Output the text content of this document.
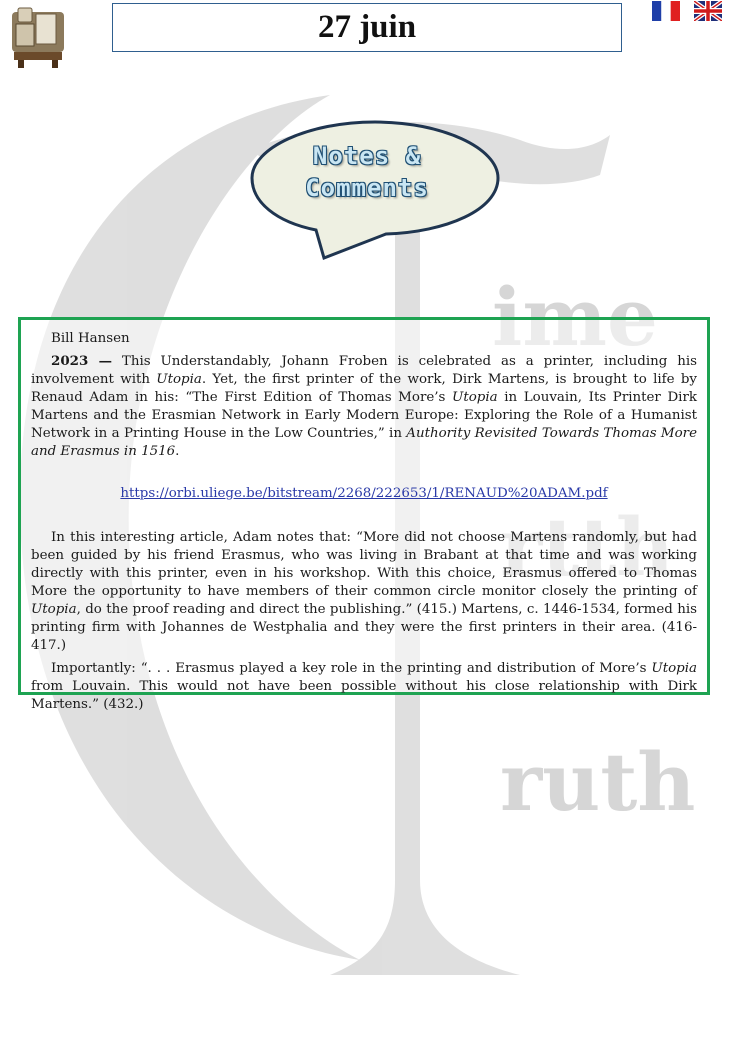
ruth
27 juin
Notes &
Comments

Bill Hansen

2023 — This Understandably, Johann Froben is celebrated as a printer, including his involvement with Utopia. Yet, the first printer of the work, Dirk Martens, is brought to life by Renaud Adam in his: “The First Edition of Thomas More’s Utopia in Louvain, Its Printer Dirk Martens and the Erasmian Network in Early Modern Europe: Exploring the Role of a Humanist Network in a Printing House in the Low Countries,” in Authority Revisited Towards Thomas More and Erasmus in 1516.

https://orbi.uliege.be/bitstream/2268/222653/1/RENAUD%20ADAM.pdf

In this interesting article, Adam notes that: “More did not choose Martens randomly, but had been guided by his friend Erasmus, who was living in Brabant at that time and was working directly with this printer, even in his workshop. With this choice, Erasmus offered to Thomas More the opportunity to have members of their common circle monitor closely the printing of Utopia, do the proof reading and direct the publishing.” (415.) Martens, c. 1446-1534, formed his printing firm with Johannes de Westphalia and they were the first printers in their area. (416-417.)

Importantly: “. . . Erasmus played a key role in the printing and distribution of More’s Utopia from Louvain. This would not have been possible without his close relationship with Dirk Martens.” (432.)
